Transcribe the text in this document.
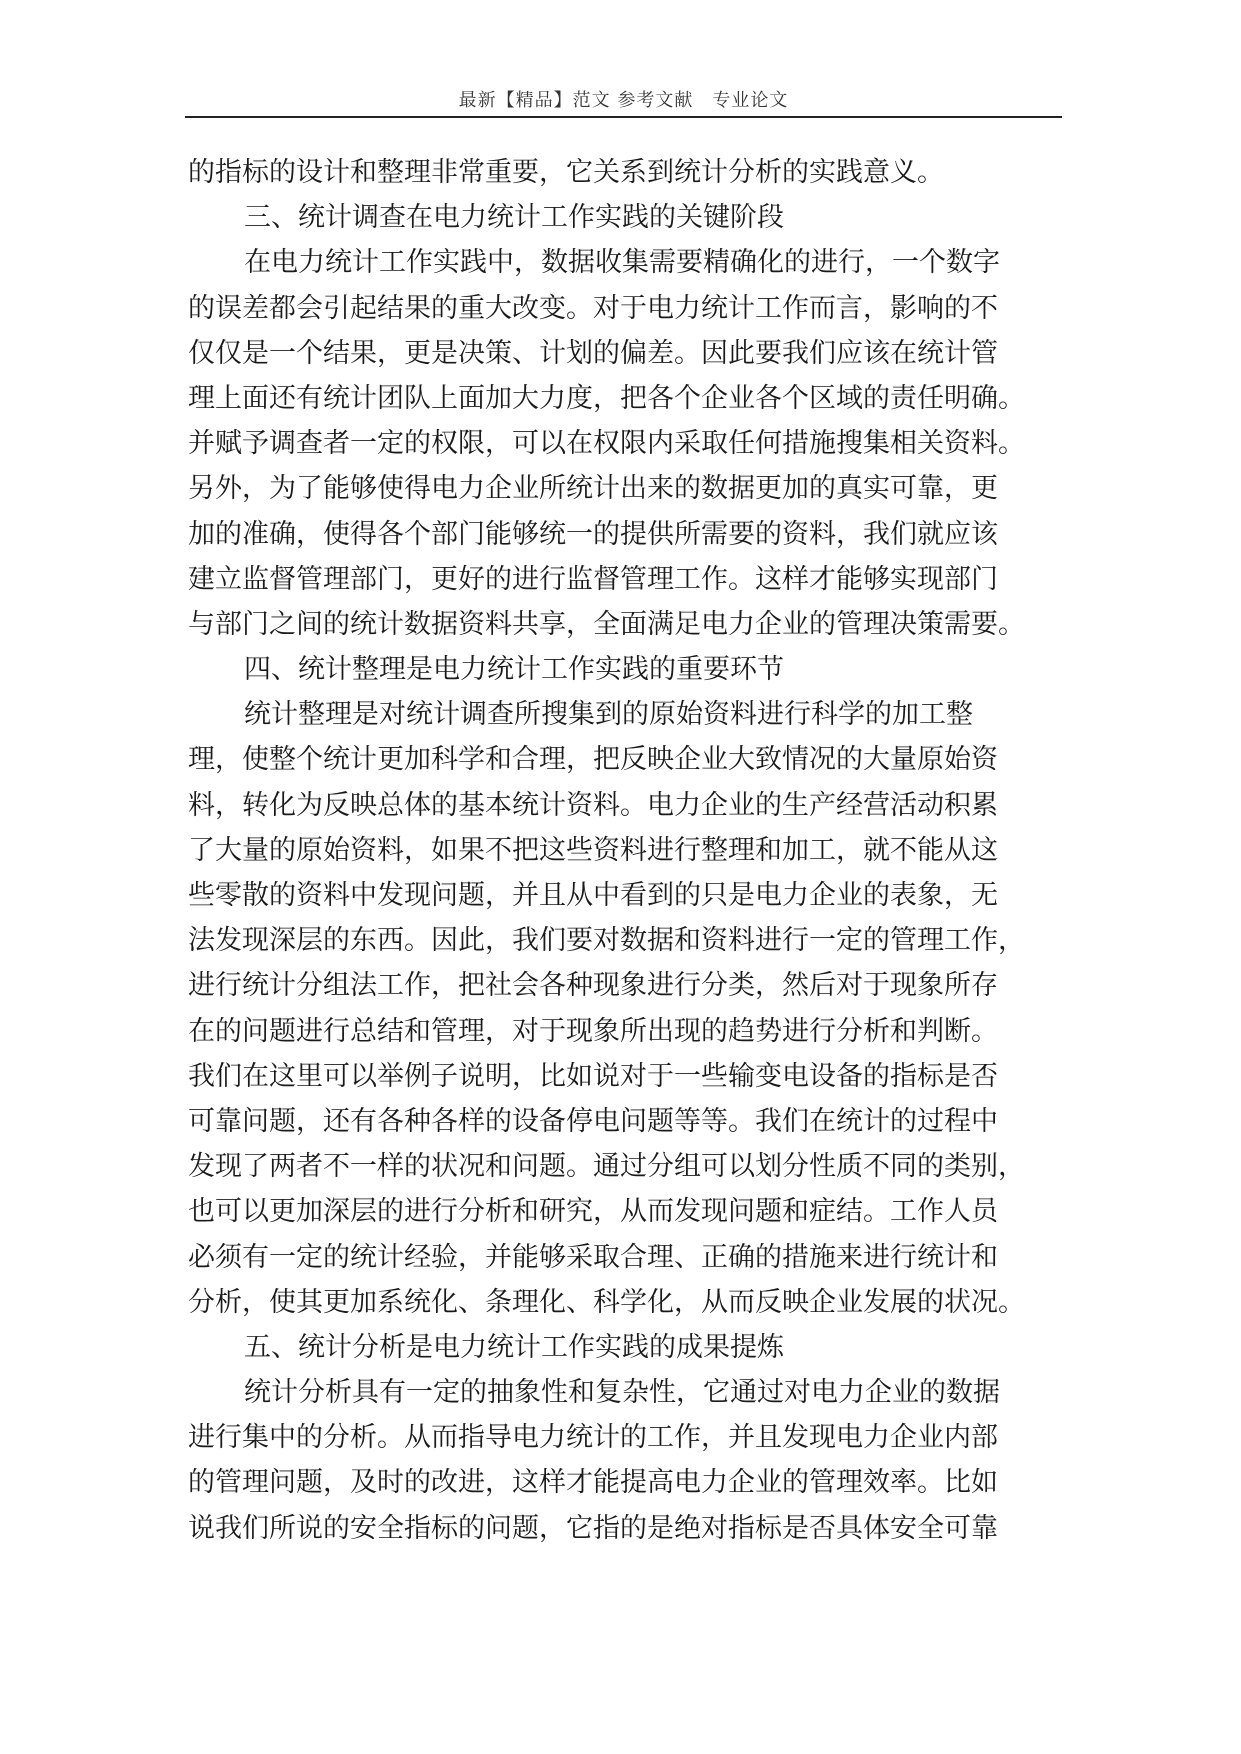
最新【精品】范文 参考文献　专业论文
的指标的设计和整理非常重要，它关系到统计分析的实践意义。
三、统计调查在电力统计工作实践的关键阶段
在电力统计工作实践中，数据收集需要精确化的进行，一个数字
的误差都会引起结果的重大改变。对于电力统计工作而言，影响的不
仅仅是一个结果，更是决策、计划的偏差。因此要我们应该在统计管
理上面还有统计团队上面加大力度，把各个企业各个区域的责任明确。
并赋予调查者一定的权限，可以在权限内采取任何措施搜集相关资料。
另外，为了能够使得电力企业所统计出来的数据更加的真实可靠，更
加的准确，使得各个部门能够统一的提供所需要的资料，我们就应该
建立监督管理部门，更好的进行监督管理工作。这样才能够实现部门
与部门之间的统计数据资料共享，全面满足电力企业的管理决策需要。
四、统计整理是电力统计工作实践的重要环节
统计整理是对统计调查所搜集到的原始资料进行科学的加工整
理，使整个统计更加科学和合理，把反映企业大致情况的大量原始资
料，转化为反映总体的基本统计资料。电力企业的生产经营活动积累
了大量的原始资料，如果不把这些资料进行整理和加工，就不能从这
些零散的资料中发现问题，并且从中看到的只是电力企业的表象，无
法发现深层的东西。因此，我们要对数据和资料进行一定的管理工作，
进行统计分组法工作，把社会各种现象进行分类，然后对于现象所存
在的问题进行总结和管理，对于现象所出现的趋势进行分析和判断。
我们在这里可以举例子说明，比如说对于一些输变电设备的指标是否
可靠问题，还有各种各样的设备停电问题等等。我们在统计的过程中
发现了两者不一样的状况和问题。通过分组可以划分性质不同的类别，
也可以更加深层的进行分析和研究，从而发现问题和症结。工作人员
必须有一定的统计经验，并能够采取合理、正确的措施来进行统计和
分析，使其更加系统化、条理化、科学化，从而反映企业发展的状况。
五、统计分析是电力统计工作实践的成果提炼
统计分析具有一定的抽象性和复杂性，它通过对电力企业的数据
进行集中的分析。从而指导电力统计的工作，并且发现电力企业内部
的管理问题，及时的改进，这样才能提高电力企业的管理效率。比如
说我们所说的安全指标的问题，它指的是绝对指标是否具体安全可靠
